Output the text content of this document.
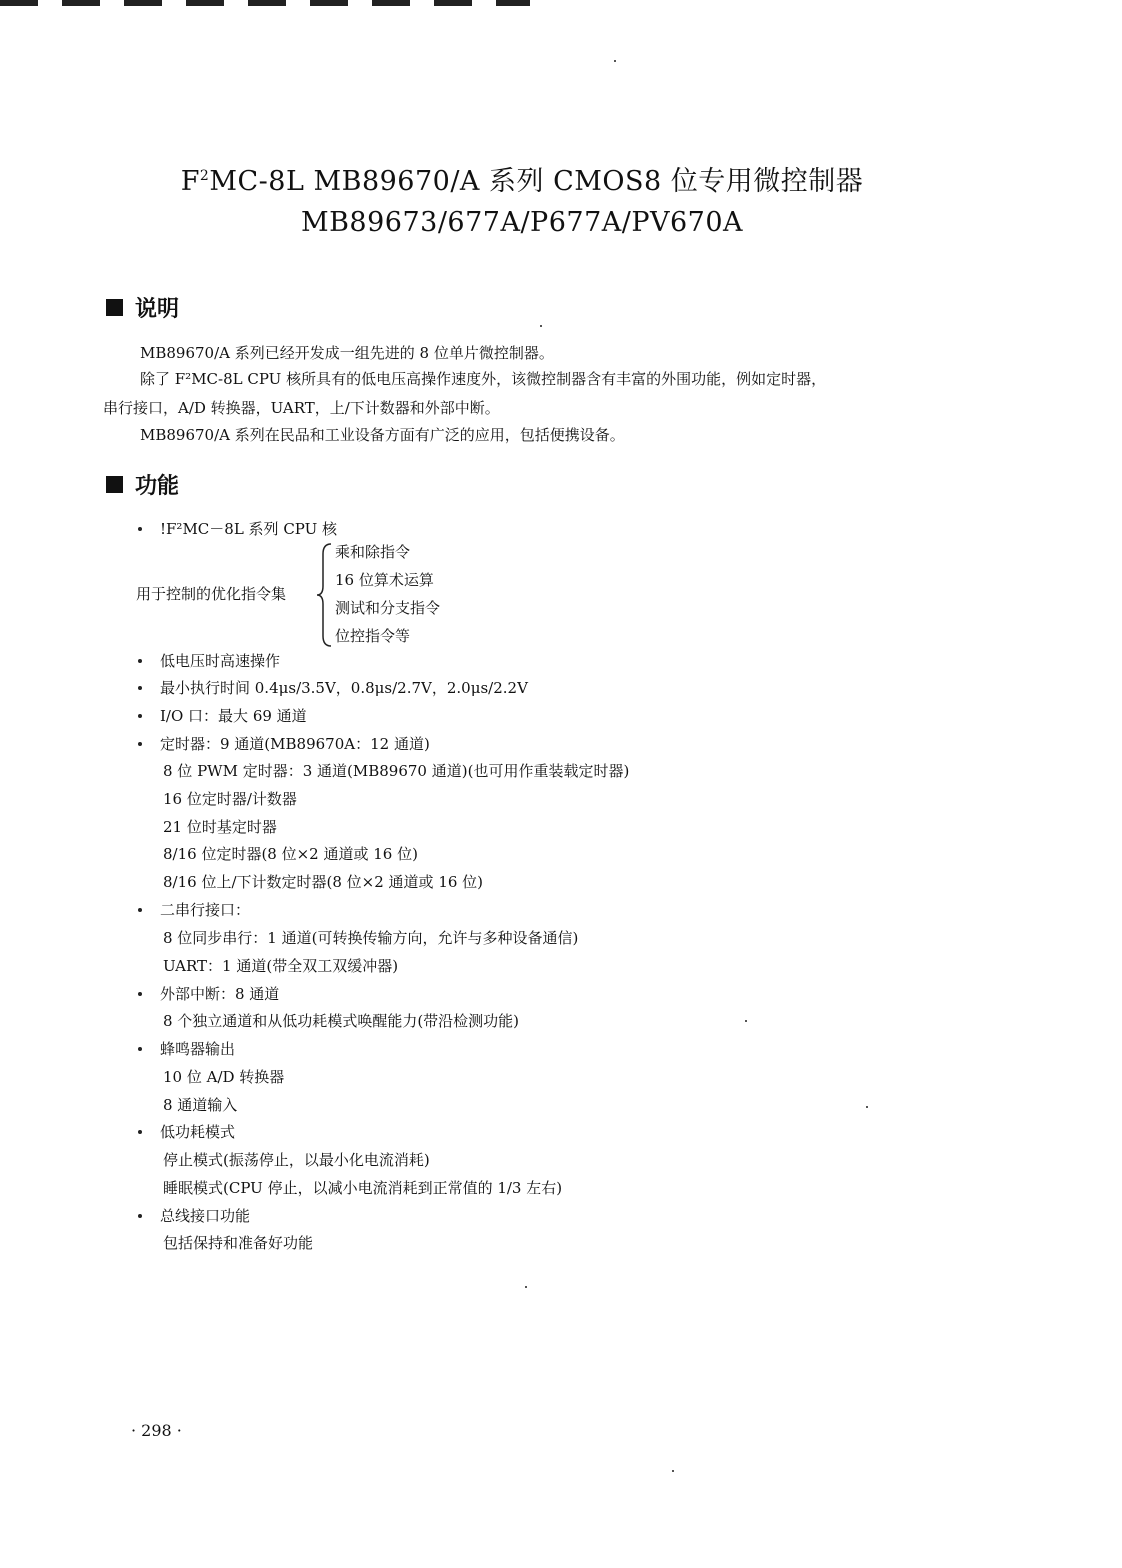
$F^2MC-8L$ MB89670/A 系列 CMOS8 位专用微控制器
MB89673/677A/P677A/PV670A
说明
MB89670/A 系列已经开发成一组先进的 8 位单片微控制器。
除了 F²MC-8L CPU 核所具有的低电压高操作速度外，该微控制器含有丰富的外围功能，例如定时器，
串行接口，A/D 转换器，UART，上/下计数器和外部中断。
MB89670/A 系列在民品和工业设备方面有广泛的应用，包括便携设备。
功能
!F²MC－8L 系列 CPU 核
用于控制的优化指令集
乘和除指令
16 位算术运算
测试和分支指令
位控指令等
低电压时高速操作
最小执行时间 0.4μs/3.5V，0.8μs/2.7V，2.0μs/2.2V
I/O 口：最大 69 通道
定时器：9 通道(MB89670A：12 通道)
8 位 PWM 定时器：3 通道(MB89670 通道)(也可用作重装载定时器)
16 位定时器/计数器
21 位时基定时器
8/16 位定时器(8 位×2 通道或 16 位)
8/16 位上/下计数定时器(8 位×2 通道或 16 位)
二串行接口：
8 位同步串行：1 通道(可转换传输方向，允许与多种设备通信)
UART：1 通道(带全双工双缓冲器)
外部中断：8 通道
8 个独立通道和从低功耗模式唤醒能力(带沿检测功能)
蜂鸣器输出
10 位 A/D 转换器
8 通道输入
低功耗模式
停止模式(振荡停止，以最小化电流消耗)
睡眠模式(CPU 停止，以减小电流消耗到正常值的 1/3 左右)
总线接口功能
包括保持和准备好功能
· 298 ·
